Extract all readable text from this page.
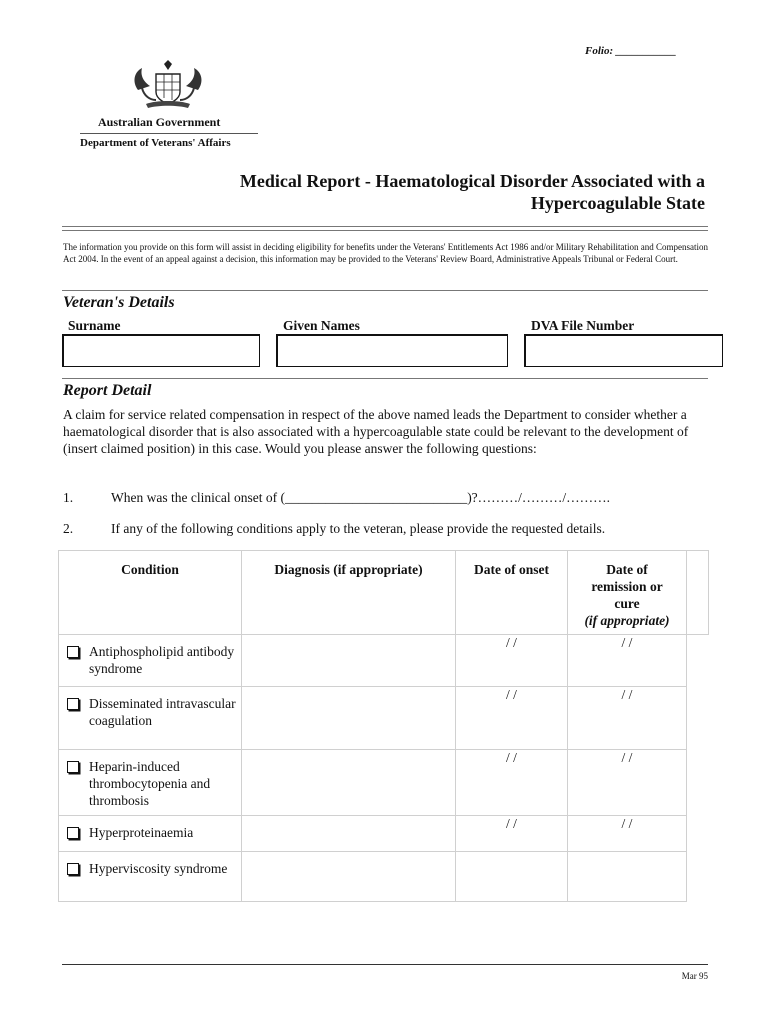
Folio: ___________
Australian Government
Department of Veterans' Affairs
Medical Report - Haematological Disorder Associated with a
Hypercoagulable State
The information you provide on this form will assist in deciding eligibility for benefits under the Veterans' Entitlements Act 1986 and/or Military Rehabilitation and Compensation Act 2004. In the event of an appeal against a decision, this information may be provided to the Veterans' Review Board, Administrative Appeals Tribunal or Federal Court.
Veteran's Details
Surname	Given Names	DVA File Number
Report Detail
A claim for service related compensation in respect of the above named leads the Department to consider whether a haematological disorder that is also associated with a hypercoagulable state could be relevant to the development of (insert claimed position) in this case. Would you please answer the following questions:
1.	When was the clinical onset of (___________________________)?………/………/……….
2.	If any of the following conditions apply to the veteran, please provide the requested details.
Condition	Diagnosis (if appropriate)	Date of onset	Date of remission or cure
(if appropriate)	

Antiphospholipid antibody syndrome		/ /	/ /	

Disseminated intravascular coagulation		/ /	/ /	

Heparin-induced thrombocytopenia and thrombosis		/ /	/ /	

Hyperproteinaemia		/ /	/ /	

Hyperviscosity syndrome				

Mar 95
